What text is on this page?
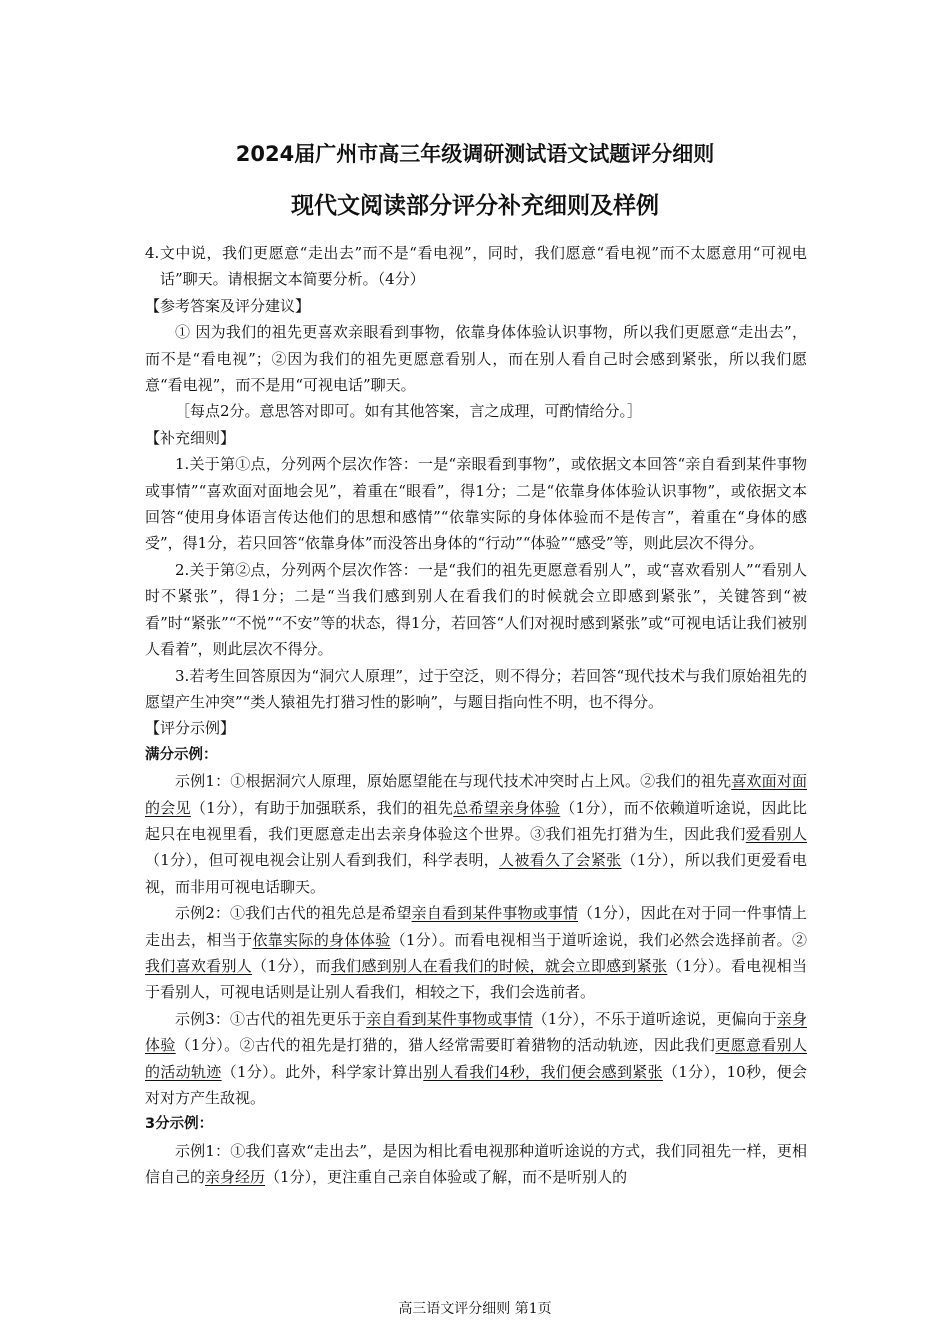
2024届广州市高三年级调研测试语文试题评分细则
现代文阅读部分评分补充细则及样例

4.文中说，我们更愿意“走出去”而不是“看电视”，同时，我们愿意“看电视”而不太愿意用“可视电话”聊天。请根据文本简要分析。（4分）

【参考答案及评分建议】

① 因为我们的祖先更喜欢亲眼看到事物，依靠身体体验认识事物，所以我们更愿意“走出去”，而不是“看电视”；②因为我们的祖先更愿意看别人，而在别人看自己时会感到紧张，所以我们愿意“看电视”，而不是用“可视电话”聊天。

［每点2分。意思答对即可。如有其他答案，言之成理，可酌情给分。］

【补充细则】

1.关于第①点，分列两个层次作答：一是“亲眼看到事物”，或依据文本回答“亲自看到某件事物或事情”“喜欢面对面地会见”，着重在“眼看”，得1分；二是“依靠身体体验认识事物”，或依据文本回答“使用身体语言传达他们的思想和感情”“依靠实际的身体体验而不是传言”，着重在“身体的感受”，得1分，若只回答“依靠身体”而没答出身体的“行动”“体验”“感受”等，则此层次不得分。

2.关于第②点，分列两个层次作答：一是“我们的祖先更愿意看别人”，或“喜欢看别人”“看别人时不紧张”，得1分；二是“当我们感到别人在看我们的时候就会立即感到紧张”，关键答到“被看”时“紧张”“不悦”“不安”等的状态，得1分，若回答“人们对视时感到紧张”或“可视电话让我们被别人看着”，则此层次不得分。

3.若考生回答原因为“洞穴人原理”，过于空泛，则不得分；若回答“现代技术与我们原始祖先的愿望产生冲突”“类人猿祖先打猎习性的影响”，与题目指向性不明，也不得分。

【评分示例】

满分示例：

示例1：①根据洞穴人原理，原始愿望能在与现代技术冲突时占上风。②我们的祖先喜欢面对面的会见（1分），有助于加强联系，我们的祖先总希望亲身体验（1分），而不依赖道听途说，因此比起只在电视里看，我们更愿意走出去亲身体验这个世界。③我们祖先打猎为生，因此我们爱看别人（1分），但可视电视会让别人看到我们，科学表明，人被看久了会紧张（1分），所以我们更爱看电视，而非用可视电话聊天。

示例2：①我们古代的祖先总是希望亲自看到某件事物或事情（1分），因此在对于同一件事情上走出去，相当于依靠实际的身体体验（1分）。而看电视相当于道听途说，我们必然会选择前者。②我们喜欢看别人（1分），而我们感到别人在看我们的时候，就会立即感到紧张（1分）。看电视相当于看别人，可视电话则是让别人看我们，相较之下，我们会选前者。

示例3：①古代的祖先更乐于亲自看到某件事物或事情（1分），不乐于道听途说，更偏向于亲身体验（1分）。②古代的祖先是打猎的，猎人经常需要盯着猎物的活动轨迹，因此我们更愿意看别人的活动轨迹（1分）。此外，科学家计算出别人看我们4秒，我们便会感到紧张（1分），10秒，便会对对方产生敌视。

3分示例：

示例1：①我们喜欢“走出去”，是因为相比看电视那种道听途说的方式，我们同祖先一样，更相信自己的亲身经历（1分），更注重自己亲自体验或了解，而不是听别人的

高三语文评分细则 第1页
